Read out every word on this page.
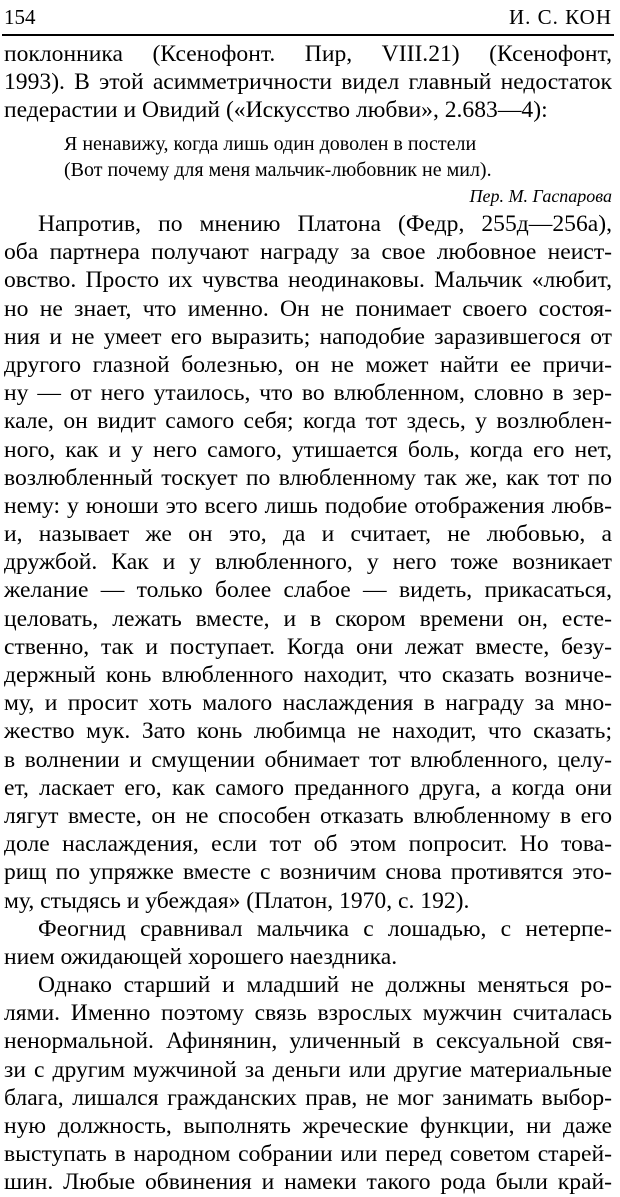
154	И. С. КОН
поклонника (Ксенофонт. Пир, VIII.21) (Ксенофонт,
1993). В этой асимметричности видел главный недостаток
педерастии и Овидий («Искусство любви», 2.683—4):
Я ненавижу, когда лишь один доволен в постели
(Вот почему для меня мальчик-любовник не мил).
Пер. М. Гаспарова
Напротив, по мнению Платона (Федр, 255д—256а),
оба партнера получают награду за свое любовное неист-
овство. Просто их чувства неодинаковы. Мальчик «любит,
но не знает, что именно. Он не понимает своего состоя-
ния и не умеет его выразить; наподобие заразившегося от
другого глазной болезнью, он не может найти ее причи-
ну — от него утаилось, что во влюбленном, словно в зер-
кале, он видит самого себя; когда тот здесь, у возлюблен-
ного, как и у него самого, утишается боль, когда его нет,
возлюбленный тоскует по влюбленному так же, как тот по
нему: у юноши это всего лишь подобие отображения любв-
и, называет же он это, да и считает, не любовью, а
дружбой. Как и у влюбленного, у него тоже возникает
желание — только более слабое — видеть, прикасаться,
целовать, лежать вместе, и в скором времени он, есте-
ственно, так и поступает. Когда они лежат вместе, безу-
держный конь влюбленного находит, что сказать возниче-
му, и просит хоть малого наслаждения в награду за мно-
жество мук. Зато конь любимца не находит, что сказать;
в волнении и смущении обнимает тот влюбленного, целу-
ет, ласкает его, как самого преданного друга, а когда они
лягут вместе, он не способен отказать влюбленному в его
доле наслаждения, если тот об этом попросит. Но това-
рищ по упряжке вместе с возничим снова противятся это-
му, стыдясь и убеждая» (Платон, 1970, с. 192).
Феогнид сравнивал мальчика с лошадью, с нетерпе-
нием ожидающей хорошего наездника.
Однако старший и младший не должны меняться ро-
лями. Именно поэтому связь взрослых мужчин считалась
ненормальной. Афинянин, уличенный в сексуальной свя-
зи с другим мужчиной за деньги или другие материальные
блага, лишался гражданских прав, не мог занимать выбор-
ную должность, выполнять жреческие функции, ни даже
выступать в народном собрании или перед советом старей-
шин. Любые обвинения и намеки такого рода были край-
